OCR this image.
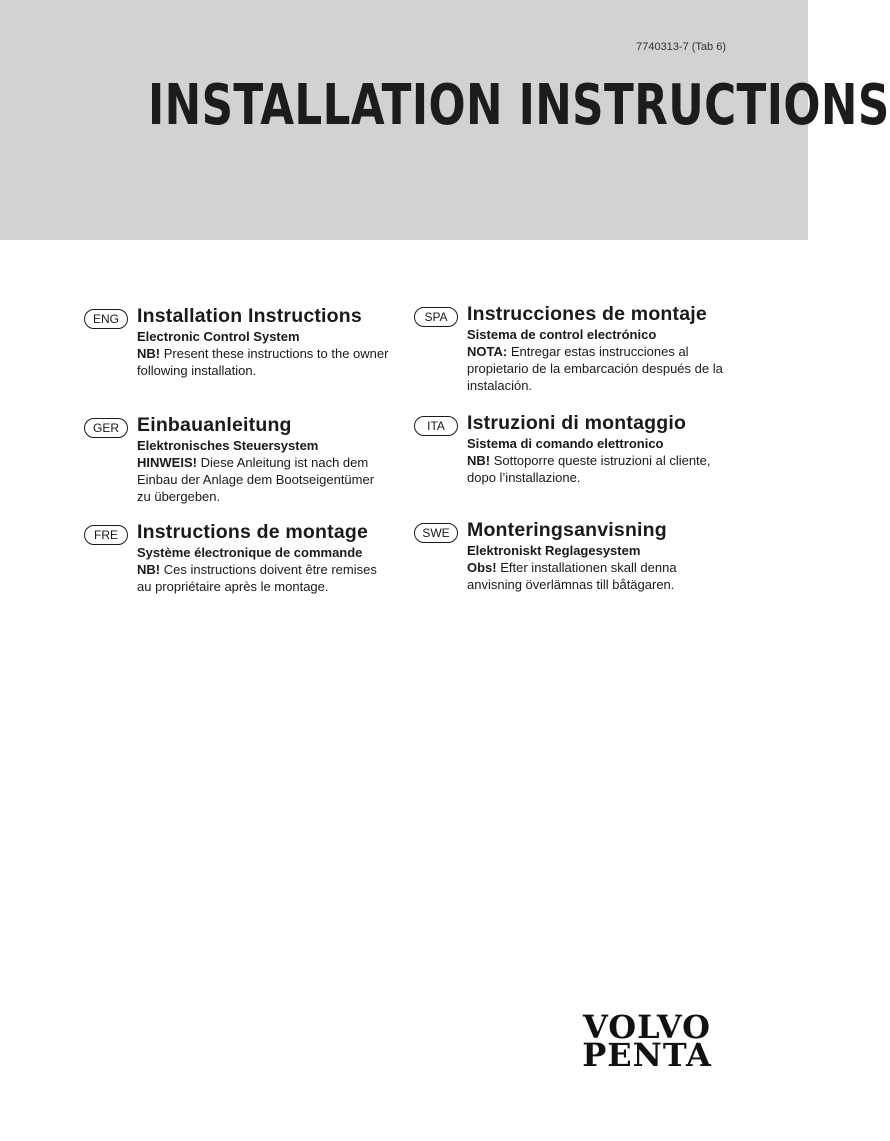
7740313-7 (Tab 6)
INSTALLATION INSTRUCTIONS
ENG Installation Instructions
Electronic Control System
NB! Present these instructions to the owner following installation.
GER Einbauanleitung
Elektronisches Steuersystem
HINWEIS! Diese Anleitung ist nach dem Einbau der Anlage dem Bootseigentümer zu übergeben.
FRE Instructions de montage
Système électronique de commande
NB! Ces instructions doivent être remises au propriétaire après le montage.
SPA Instrucciones de montaje
Sistema de control electrónico
NOTA: Entregar estas instrucciones al propietario de la embarcación después de la instalación.
ITA	Istruzioni di montaggio
Sistema di comando elettronico
NB! Sottoporre queste istruzioni al cliente, dopo l’installazione.
SWE Monteringsanvisning
Elektroniskt Reglagesystem
Obs! Efter installationen skall denna anvisning överlämnas till båtägaren.
VOLVO
PENTA
